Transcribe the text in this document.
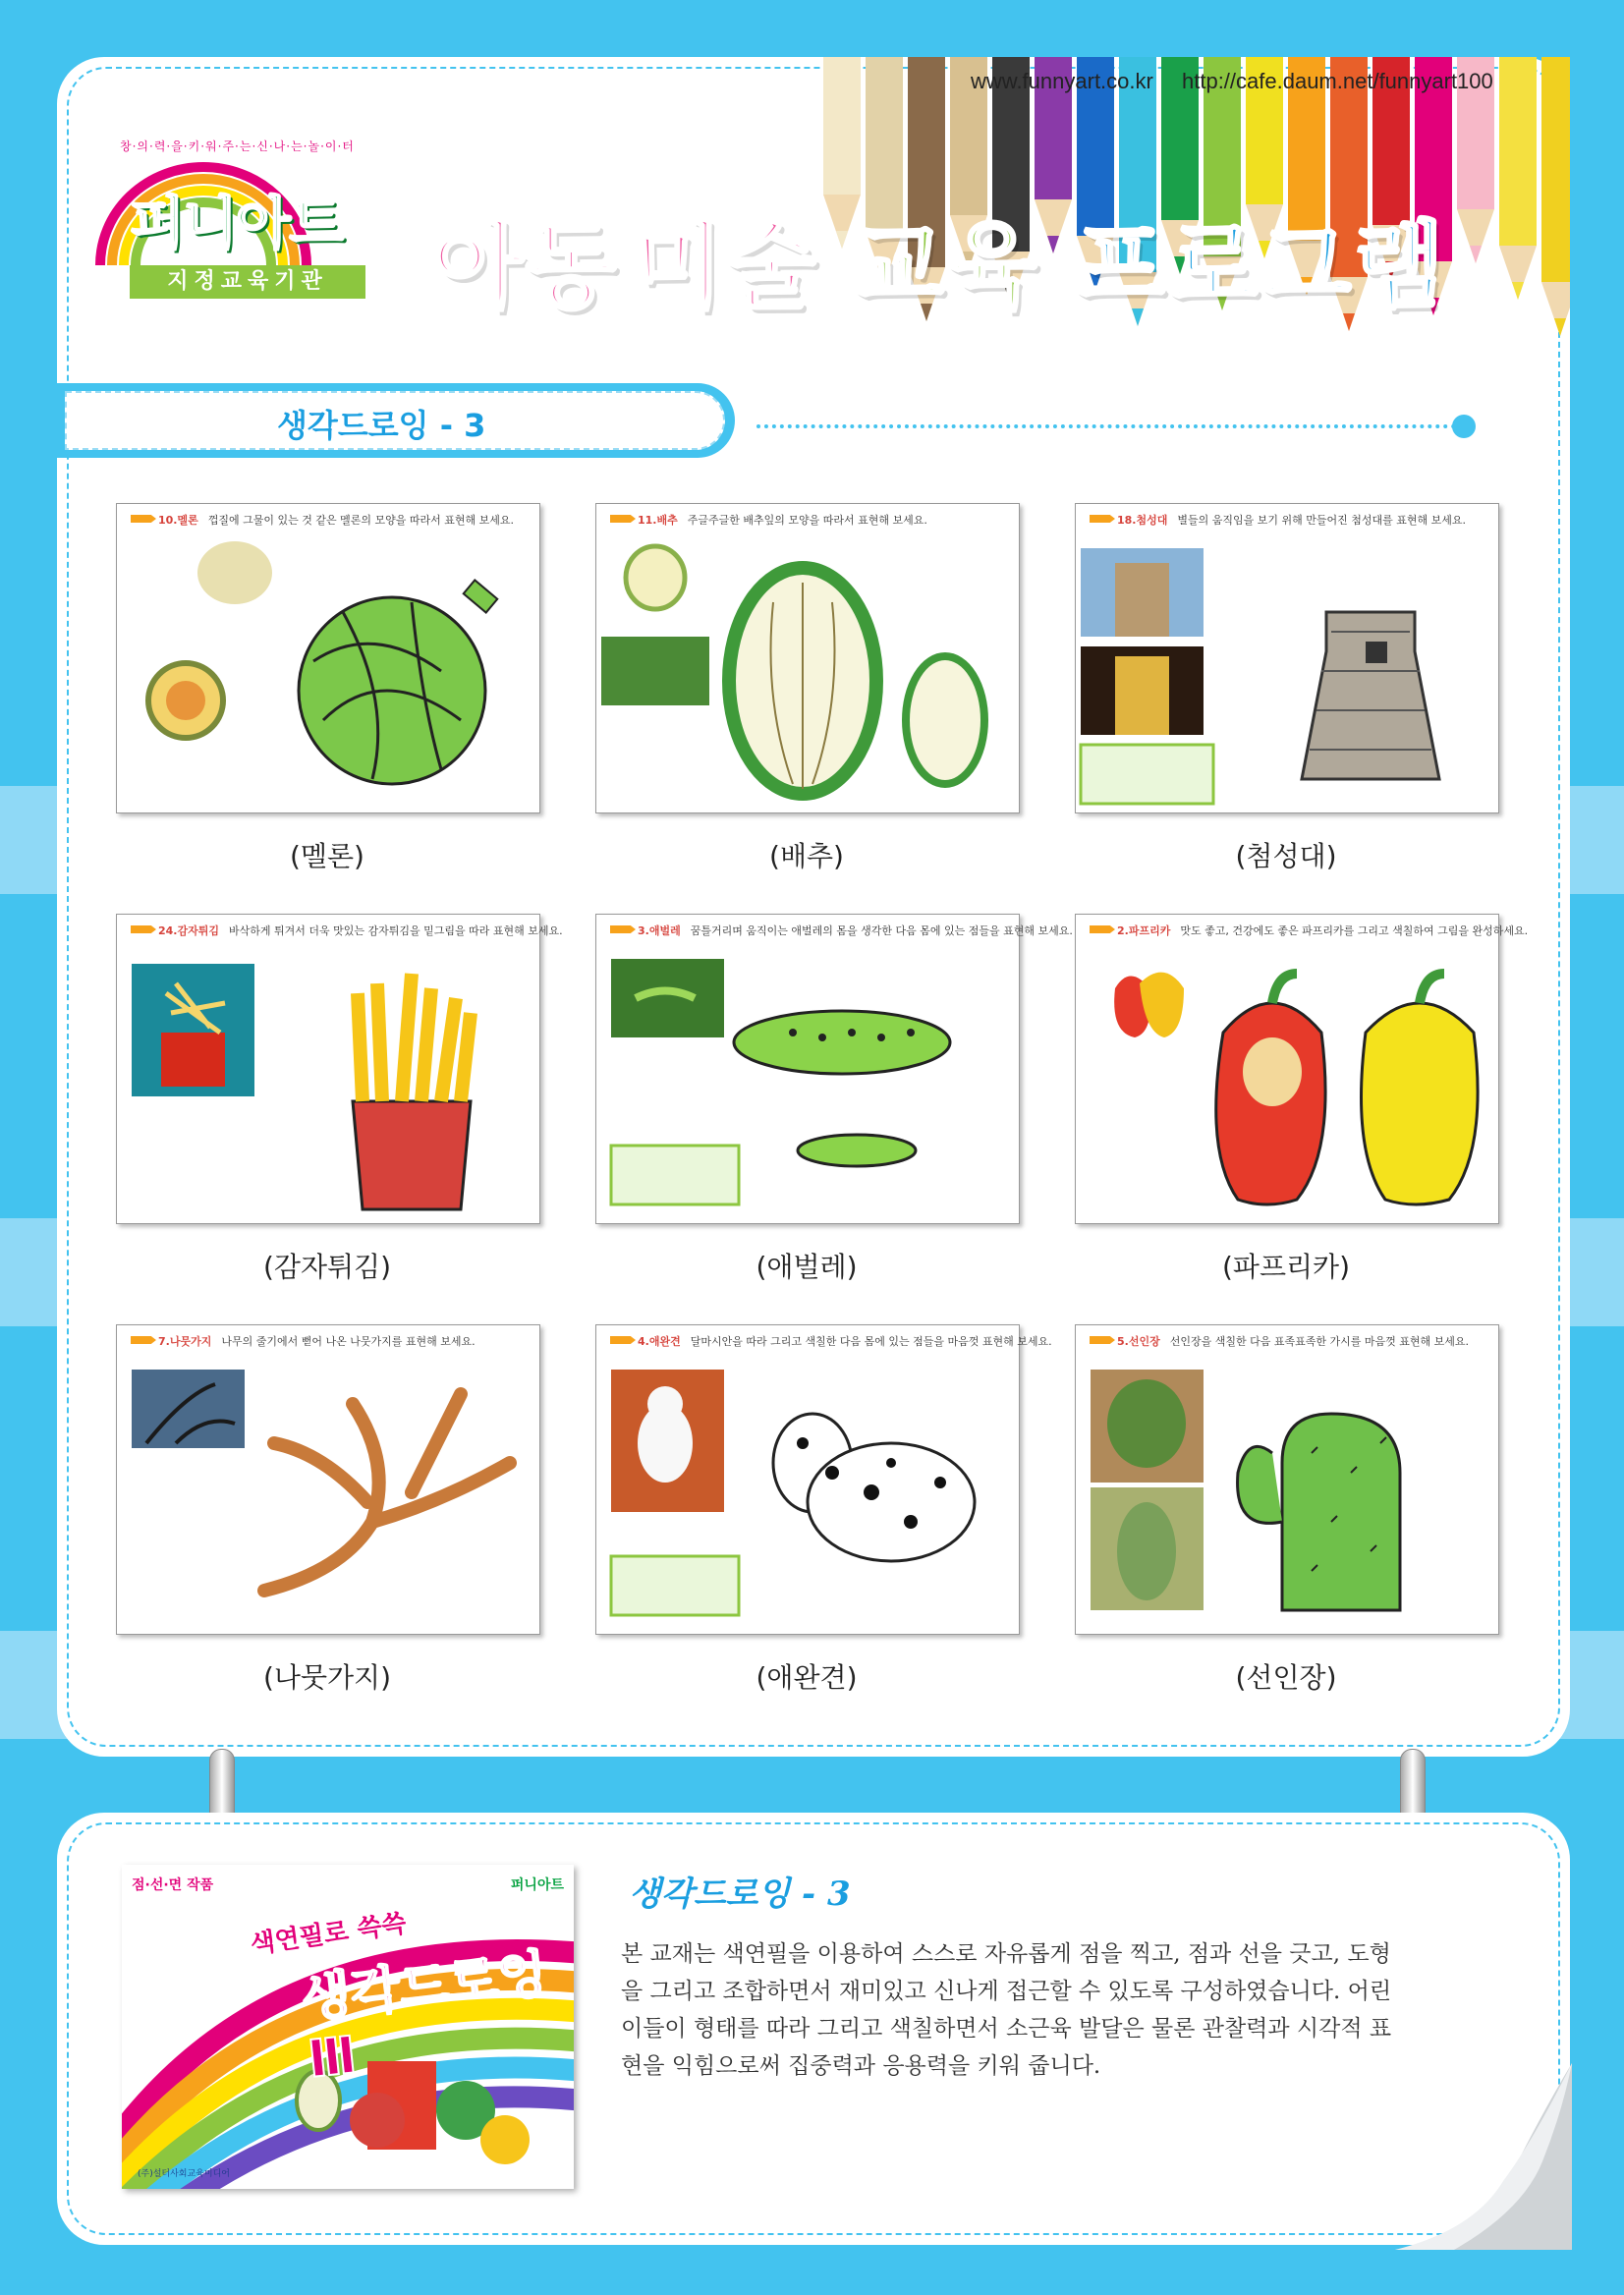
www.funnyart.co.kr http://cafe.daum.net/funnyart100
창·의·력·을·키·워·주·는·신·나·는·놀·이·터
퍼니아트
지정교육기관	아동 미술 교육 프로그램
생각드로잉 - 3
10.멜론 껍질에 그물이 있는 것 같은 멜론의 모양을 따라서 표현해 보세요.
(멜론)
11.배추 주글주글한 배추잎의 모양을 따라서 표현해 보세요.
(배추)
18.첨성대 별들의 움직임을 보기 위해 만들어진 첨성대를 표현해 보세요.
(첨성대)
24.감자튀김 바삭하게 튀겨서 더욱 맛있는 감자튀김을 밑그림을 따라 표현해 보세요.
(감자튀김)
3.애벌레 꿈틀거리며 움직이는 애벌레의 몸을 생각한 다음 몸에 있는 점들을 표현해 보세요.
(애벌레)
2.파프리카 맛도 좋고, 건강에도 좋은 파프리카를 그리고 색칠하여 그림을 완성하세요.
(파프리카)
7.나뭇가지 나무의 줄기에서 뻗어 나온 나뭇가지를 표현해 보세요.
(나뭇가지)
4.애완견 달마시안을 따라 그리고 색칠한 다음 몸에 있는 점들을 마음껏 표현해 보세요.
(애완견)
5.선인장 선인장을 색칠한 다음 표족표족한 가시를 마음껏 표현해 보세요.
(선인장)
점·선·면 작품
색연필로 쓱쓱
생각드로잉Ⅲ
퍼니아트
(주)설터사회교육미디어
생각드로잉 - 3
본 교재는 색연필을 이용하여 스스로 자유롭게 점을 찍고, 점과 선을 긋고, 도형을 그리고 조합하면서 재미있고 신나게 접근할 수 있도록 구성하였습니다. 어린이들이 형태를 따라 그리고 색칠하면서 소근육 발달은 물론 관찰력과 시각적 표현을 익힘으로써 집중력과 응용력을 키워 줍니다.
